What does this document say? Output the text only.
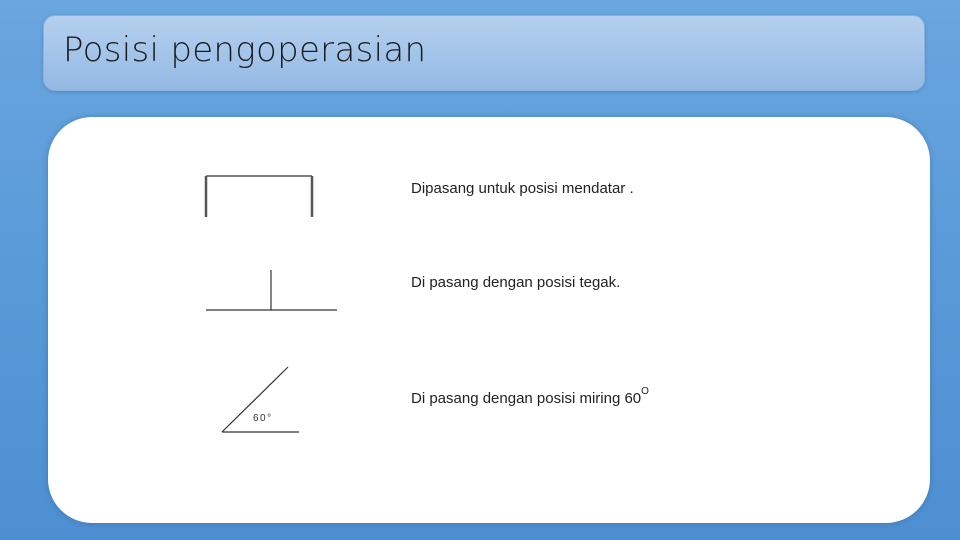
Posisi pengoperasian
60°
Dipasang untuk posisi mendatar .
Di pasang dengan posisi tegak.
Di pasang dengan posisi miring $60^O$
